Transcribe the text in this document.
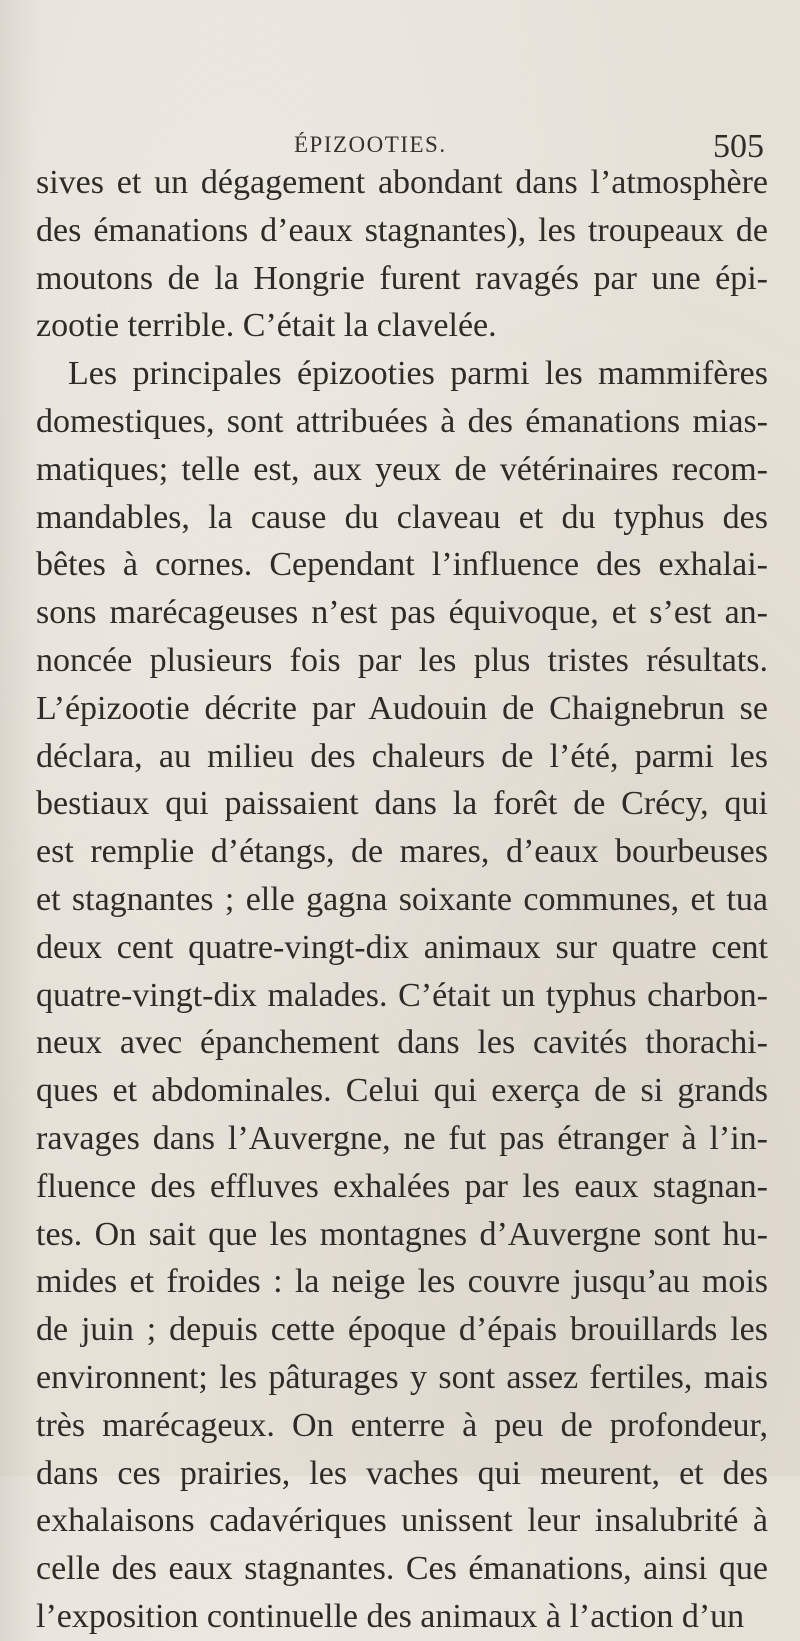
ÉPIZOOTIES.	505
sives et un dégagement abondant dans l’atmosphère
des émanations d’eaux stagnantes), les troupeaux de
moutons de la Hongrie furent ravagés par une épi-
zootie terrible. C’était la clavelée.
Les principales épizooties parmi les mammifères
domestiques, sont attribuées à des émanations mias-
matiques; telle est, aux yeux de vétérinaires recom-
mandables, la cause du claveau et du typhus des
bêtes à cornes. Cependant l’influence des exhalai-
sons marécageuses n’est pas équivoque, et s’est an-
noncée plusieurs fois par les plus tristes résultats.
L’épizootie décrite par Audouin de Chaignebrun se
déclara, au milieu des chaleurs de l’été, parmi les
bestiaux qui paissaient dans la forêt de Crécy, qui
est remplie d’étangs, de mares, d’eaux bourbeuses
et stagnantes ; elle gagna soixante communes, et tua
deux cent quatre-vingt-dix animaux sur quatre cent
quatre-vingt-dix malades. C’était un typhus charbon-
neux avec épanchement dans les cavités thorachi-
ques et abdominales. Celui qui exerça de si grands
ravages dans l’Auvergne, ne fut pas étranger à l’in-
fluence des effluves exhalées par les eaux stagnan-
tes. On sait que les montagnes d’Auvergne sont hu-
mides et froides : la neige les couvre jusqu’au mois
de juin ; depuis cette époque d’épais brouillards les
environnent; les pâturages y sont assez fertiles, mais
très marécageux. On enterre à peu de profondeur,
dans ces prairies, les vaches qui meurent, et des
exhalaisons cadavériques unissent leur insalubrité à
celle des eaux stagnantes. Ces émanations, ainsi que
l’exposition continuelle des animaux à l’action d’un
